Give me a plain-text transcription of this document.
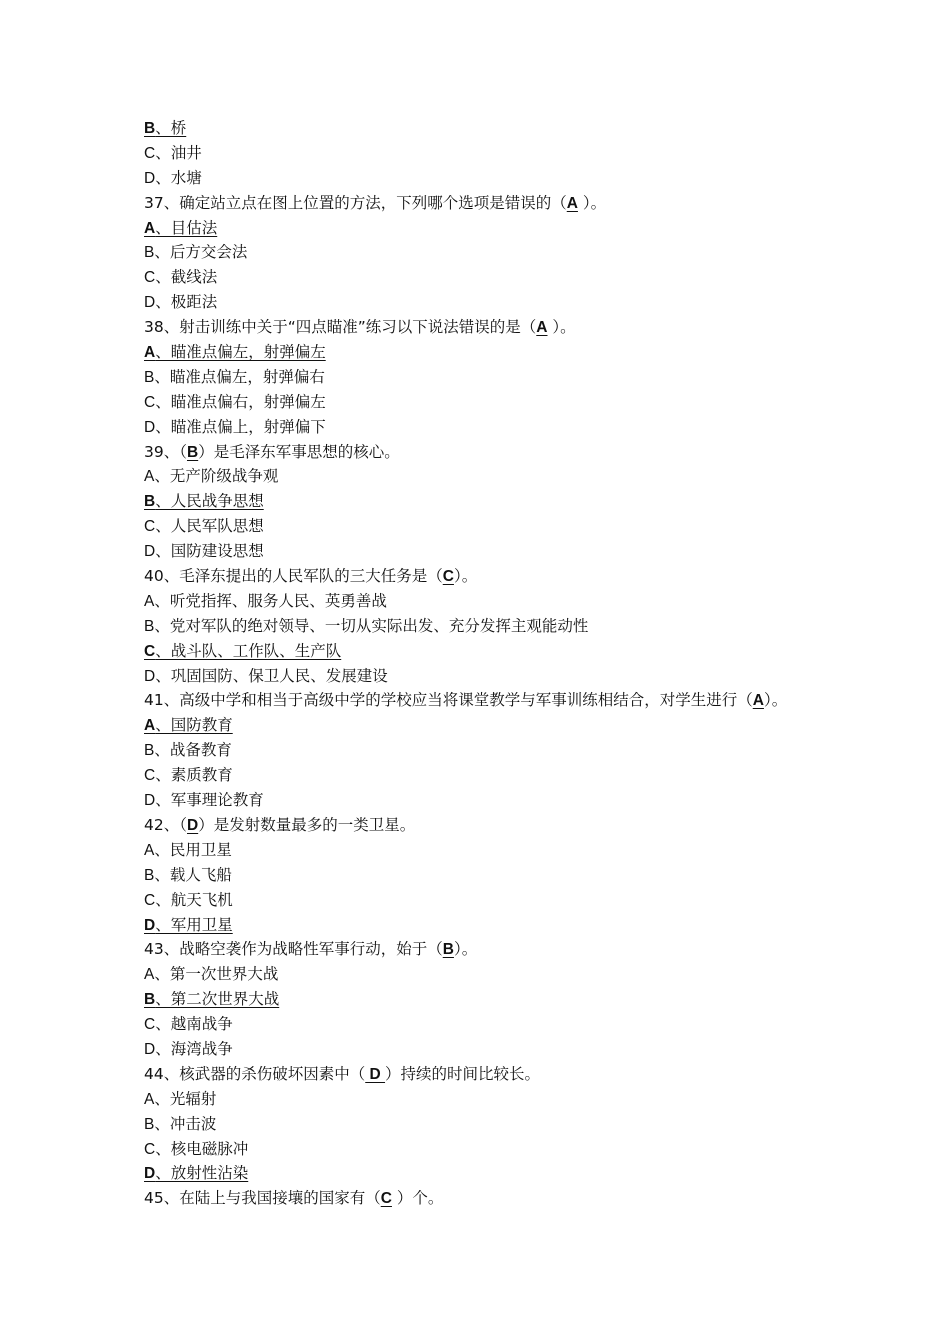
B、桥
C、油井
D、水塘
37、确定站立点在图上位置的方法，下列哪个选项是错误的（A ）。
A、目估法
B、后方交会法
C、截线法
D、极距法
38、射击训练中关于“四点瞄准”练习以下说法错误的是（A ）。
A、瞄准点偏左，射弹偏左
B、瞄准点偏左，射弹偏右
C、瞄准点偏右，射弹偏左
D、瞄准点偏上，射弹偏下
39、（B）是毛泽东军事思想的核心。
A、无产阶级战争观
B、人民战争思想
C、人民军队思想
D、国防建设思想
40、毛泽东提出的人民军队的三大任务是（C）。
A、听党指挥、服务人民、英勇善战
B、党对军队的绝对领导、一切从实际出发、充分发挥主观能动性
C、战斗队、工作队、生产队
D、巩固国防、保卫人民、发展建设
41、高级中学和相当于高级中学的学校应当将课堂教学与军事训练相结合，对学生进行（A）。
A、国防教育
B、战备教育
C、素质教育
D、军事理论教育
42、（D）是发射数量最多的一类卫星。
A、民用卫星
B、载人飞船
C、航天飞机
D、军用卫星
43、战略空袭作为战略性军事行动，始于（B）。
A、第一次世界大战
B、第二次世界大战
C、越南战争
D、海湾战争
44、核武器的杀伤破坏因素中（ D ）持续的时间比较长。
A、光辐射
B、冲击波
C、核电磁脉冲
D、放射性沾染
45、在陆上与我国接壤的国家有（C ）个。
